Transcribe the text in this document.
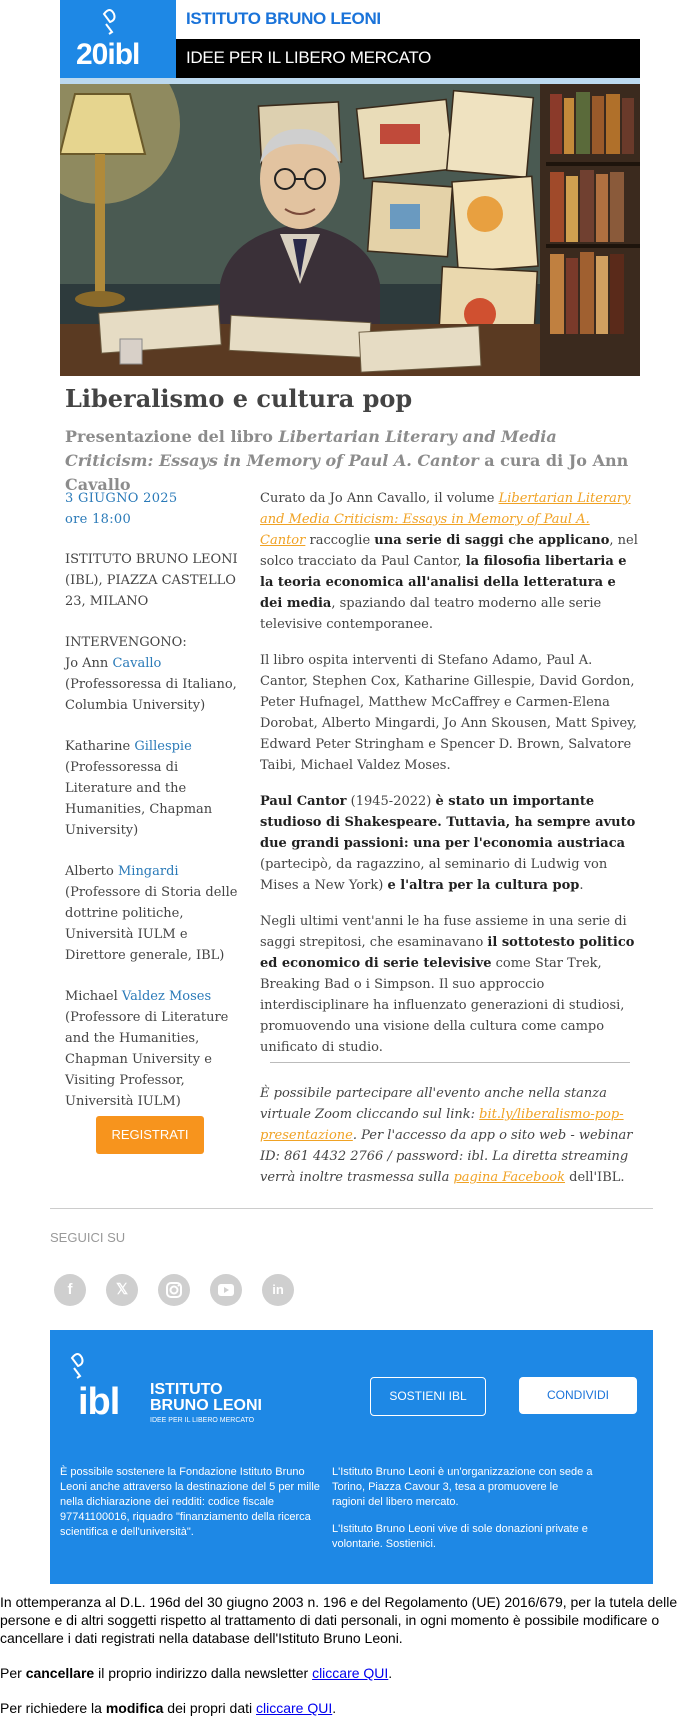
20ibl
ISTITUTO BRUNO LEONI
IDEE PER IL LIBERO MERCATO
Liberalismo e cultura pop
Presentazione del libro Libertarian Literary and Media Criticism: Essays in Memory of Paul A. Cantor a cura di Jo Ann Cavallo

3 GIUGNO 2025
ore 18:00

ISTITUTO BRUNO LEONI (IBL), PIAZZA CASTELLO 23, MILANO

INTERVENGONO:
Jo Ann Cavallo
(Professoressa di Italiano, Columbia University)

Katharine Gillespie
(Professoressa di Literature and the Humanities, Chapman University)

Alberto Mingardi
(Professore di Storia delle dottrine politiche, Università IULM e Direttore generale, IBL)

Michael Valdez Moses
(Professore di Literature and the Humanities, Chapman University e Visiting Professor, Università IULM)

REGISTRATI

Curato da Jo Ann Cavallo, il volume Libertarian Literary and Media Criticism: Essays in Memory of Paul A. Cantor raccoglie una serie di saggi che applicano, nel solco tracciato da Paul Cantor, la filosofia libertaria e la teoria economica all'analisi della letteratura e dei media, spaziando dal teatro moderno alle serie televisive contemporanee.

Il libro ospita interventi di Stefano Adamo, Paul A. Cantor, Stephen Cox, Katharine Gillespie, David Gordon, Peter Hufnagel, Matthew McCaffrey e Carmen-Elena Dorobat, Alberto Mingardi, Jo Ann Skousen, Matt Spivey, Edward Peter Stringham e Spencer D. Brown, Salvatore Taibi, Michael Valdez Moses.

Paul Cantor (1945-2022) è stato un importante studioso di Shakespeare. Tuttavia, ha sempre avuto due grandi passioni: una per l'economia austriaca (partecipò, da ragazzino, al seminario di Ludwig von Mises a New York) e l'altra per la cultura pop.

Negli ultimi vent'anni le ha fuse assieme in una serie di saggi strepitosi, che esaminavano il sottotesto politico ed economico di serie televisive come Star Trek, Breaking Bad o i Simpson. Il suo approccio interdisciplinare ha influenzato generazioni di studiosi, promuovendo una visione della cultura come campo unificato di studio.

È possibile partecipare all'evento anche nella stanza virtuale Zoom cliccando sul link: bit.ly/liberalismo-pop-presentazione. Per l'accesso da app o sito web - webinar ID: 861 4432 2766 / password: ibl. La diretta streaming verrà inoltre trasmessa sulla pagina Facebook dell'IBL.
SEGUICI SU
f	𝕏	in
ibl ISTITUTO
BRUNO LEONI
IDEE PER IL LIBERO MERCATO
SOSTIENI IBL	CONDIVIDI
È possibile sostenere la Fondazione Istituto Bruno Leoni anche attraverso la destinazione del 5 per mille nella dichiarazione dei redditi: codice fiscale 97741100016, riquadro "finanziamento della ricerca scientifica e dell'università".
L'Istituto Bruno Leoni è un'organizzazione con sede a Torino, Piazza Cavour 3, tesa a promuovere le ragioni del libero mercato.
L'Istituto Bruno Leoni vive di sole donazioni private e volontarie. Sostienici.

In ottemperanza al D.L. 196d del 30 giugno 2003 n. 196 e del Regolamento (UE) 2016/679, per la tutela delle persone e di altri soggetti rispetto al trattamento di dati personali, in ogni momento è possibile modificare o cancellare i dati registrati nella database dell'Istituto Bruno Leoni.

Per cancellare il proprio indirizzo dalla newsletter cliccare QUI.

Per richiedere la modifica dei propri dati cliccare QUI.
